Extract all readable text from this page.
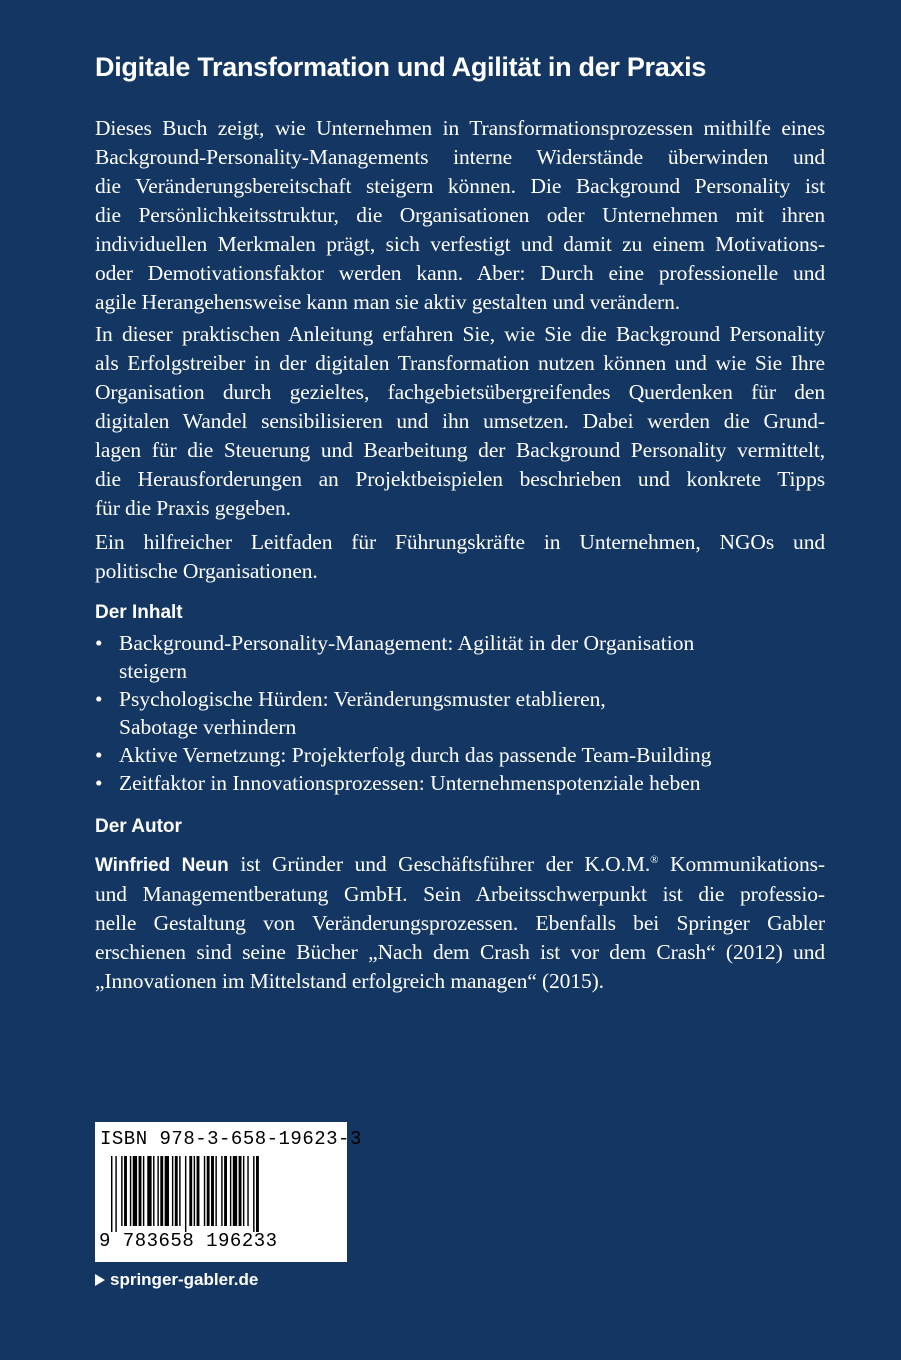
Digitale Transformation und Agilität in der Praxis
Dieses Buch zeigt, wie Unternehmen in Transformationsprozessen mithilfe eines
Background-Personality-Managements interne Widerstände überwinden und
die Veränderungsbereitschaft steigern können. Die Background Personality ist
die Persönlichkeitsstruktur, die Organisationen oder Unternehmen mit ihren
individuellen Merkmalen prägt, sich verfestigt und damit zu einem Motivations-
oder Demotivationsfaktor werden kann. Aber: Durch eine professionelle und
agile Herangehensweise kann man sie aktiv gestalten und verändern.
In dieser praktischen Anleitung erfahren Sie, wie Sie die Background Personality
als Erfolgstreiber in der digitalen Transformation nutzen können und wie Sie Ihre
Organisation durch gezieltes, fachgebietsübergreifendes Querdenken für den
digitalen Wandel sensibilisieren und ihn umsetzen. Dabei werden die Grund-
lagen für die Steuerung und Bearbeitung der Background Personality vermittelt,
die Herausforderungen an Projektbeispielen beschrieben und konkrete Tipps
für die Praxis gegeben.
Ein hilfreicher Leitfaden für Führungskräfte in Unternehmen, NGOs und
politische Organisationen.
Der Inhalt
• Background-Personality-Management: Agilität in der Organisation
steigern
• Psychologische Hürden: Veränderungsmuster etablieren,
Sabotage verhindern
• Aktive Vernetzung: Projekterfolg durch das passende Team-Building
• Zeitfaktor in Innovationsprozessen: Unternehmenspotenziale heben
Der Autor
Winfried Neun ist Gründer und Geschäftsführer der K.O.M.® Kommunikations-
und Managementberatung GmbH. Sein Arbeitsschwerpunkt ist die professio-
nelle Gestaltung von Veränderungsprozessen. Ebenfalls bei Springer Gabler
erschienen sind seine Bücher „Nach dem Crash ist vor dem Crash“ (2012) und
„Innovationen im Mittelstand erfolgreich managen“ (2015).
ISBN 978-3-658-19623-3
9 783658 196233
springer-gabler.de
